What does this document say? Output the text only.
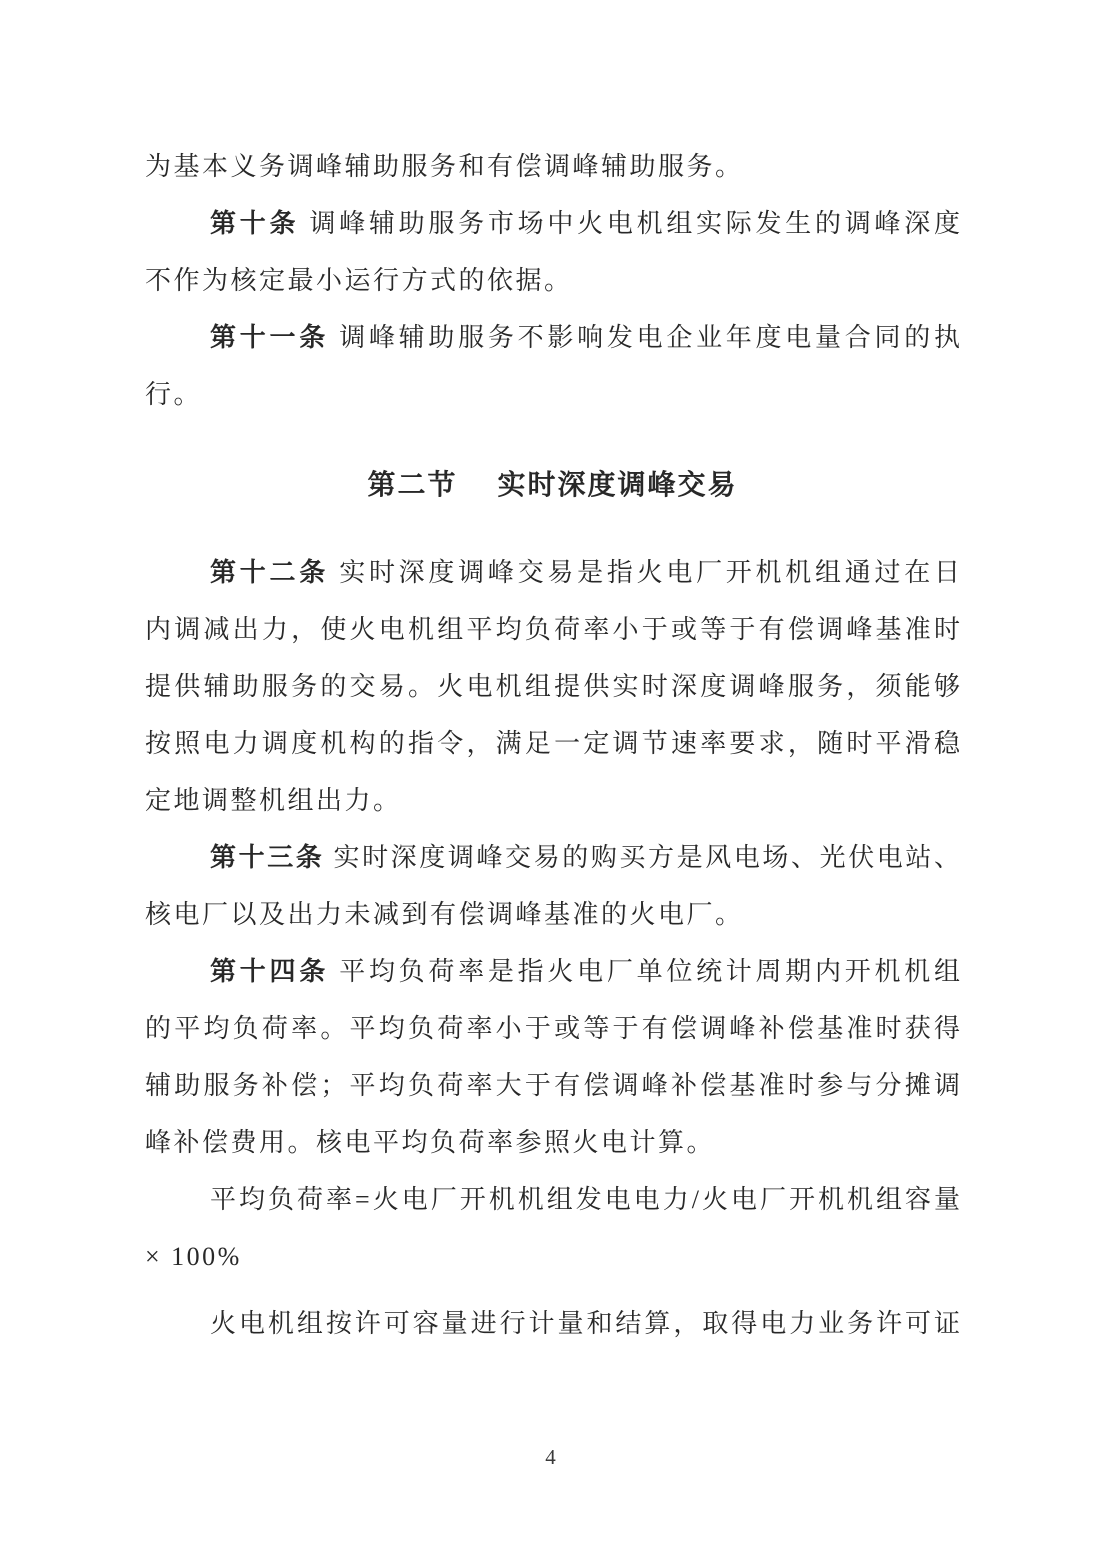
为基本义务调峰辅助服务和有偿调峰辅助服务。
第十条 调峰辅助服务市场中火电机组实际发生的调峰深度
不作为核定最小运行方式的依据。
第十一条 调峰辅助服务不影响发电企业年度电量合同的执
行。
第二节 实时深度调峰交易
第十二条 实时深度调峰交易是指火电厂开机机组通过在日
内调减出力，使火电机组平均负荷率小于或等于有偿调峰基准时
提供辅助服务的交易。火电机组提供实时深度调峰服务，须能够
按照电力调度机构的指令，满足一定调节速率要求，随时平滑稳
定地调整机组出力。
第十三条 实时深度调峰交易的购买方是风电场、光伏电站、
核电厂以及出力未减到有偿调峰基准的火电厂。
第十四条 平均负荷率是指火电厂单位统计周期内开机机组
的平均负荷率。平均负荷率小于或等于有偿调峰补偿基准时获得
辅助服务补偿；平均负荷率大于有偿调峰补偿基准时参与分摊调
峰补偿费用。核电平均负荷率参照火电计算。
平均负荷率=火电厂开机机组发电电力/火电厂开机机组容量
× 100%
火电机组按许可容量进行计量和结算，取得电力业务许可证
4
